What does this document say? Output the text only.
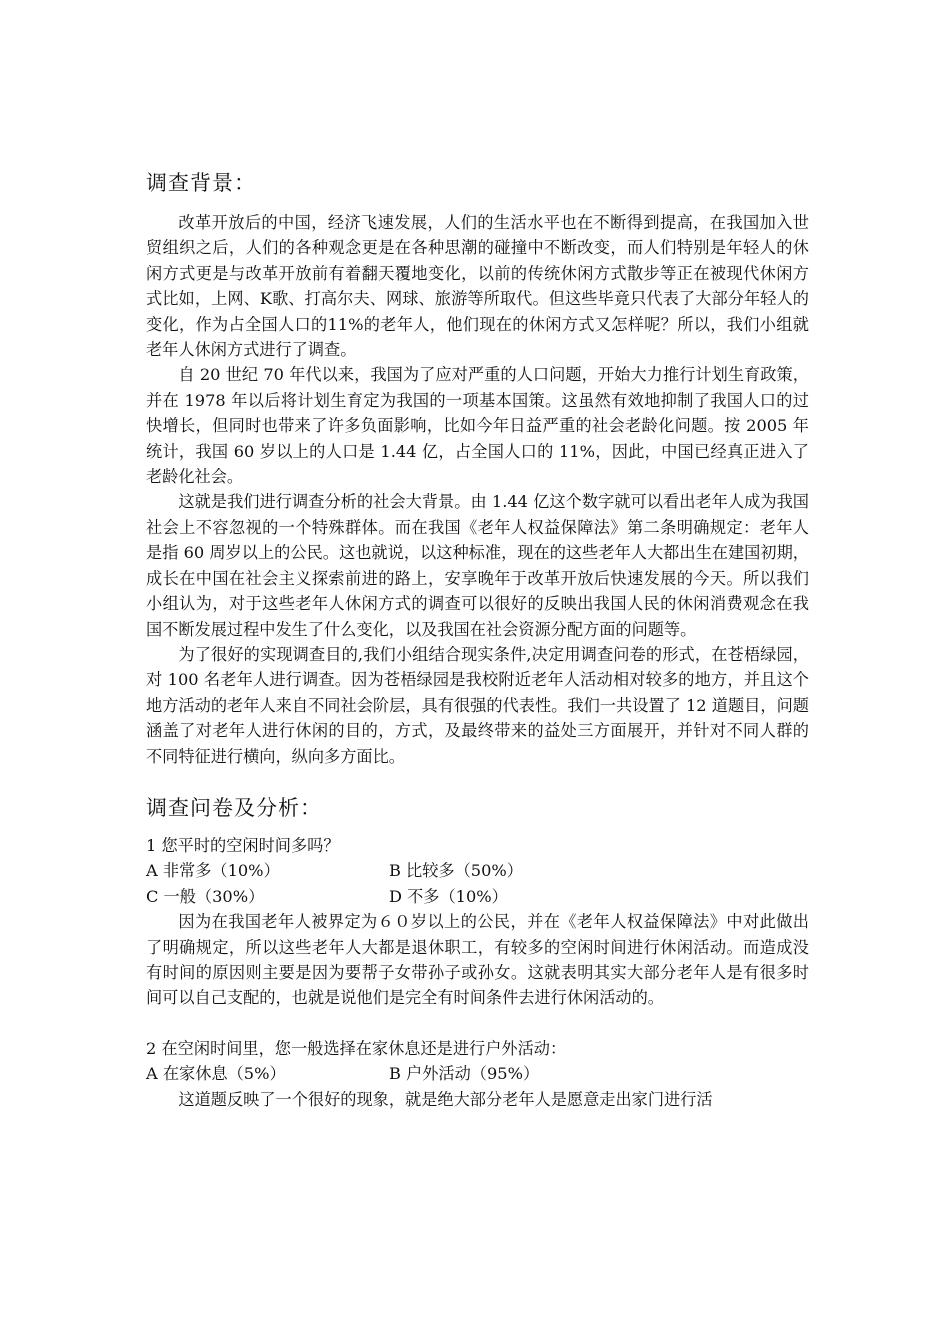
调查背景：

改革开放后的中国，经济飞速发展，人们的生活水平也在不断得到提高，在我国加入世贸组织之后，人们的各种观念更是在各种思潮的碰撞中不断改变，而人们特别是年轻人的休闲方式更是与改革开放前有着翻天覆地变化，以前的传统休闲方式散步等正在被现代休闲方式比如，上网、K歌、打高尔夫、网球、旅游等所取代。但这些毕竟只代表了大部分年轻人的变化，作为占全国人口的11%的老年人，他们现在的休闲方式又怎样呢？所以，我们小组就老年人休闲方式进行了调查。

自 20 世纪 70 年代以来，我国为了应对严重的人口问题，开始大力推行计划生育政策，并在 1978 年以后将计划生育定为我国的一项基本国策。这虽然有效地抑制了我国人口的过快增长，但同时也带来了许多负面影响，比如今年日益严重的社会老龄化问题。按 2005 年统计，我国 60 岁以上的人口是 1.44 亿，占全国人口的 11%，因此，中国已经真正进入了老龄化社会。

这就是我们进行调查分析的社会大背景。由 1.44 亿这个数字就可以看出老年人成为我国社会上不容忽视的一个特殊群体。而在我国《老年人权益保障法》第二条明确规定：老年人是指 60 周岁以上的公民。这也就说，以这种标准，现在的这些老年人大都出生在建国初期，成长在中国在社会主义探索前进的路上，安享晚年于改革开放后快速发展的今天。所以我们小组认为，对于这些老年人休闲方式的调查可以很好的反映出我国人民的休闲消费观念在我国不断发展过程中发生了什么变化，以及我国在社会资源分配方面的问题等。

为了很好的实现调查目的,我们小组结合现实条件,决定用调查问卷的形式，在苍梧绿园，对 100 名老年人进行调查。因为苍梧绿园是我校附近老年人活动相对较多的地方，并且这个地方活动的老年人来自不同社会阶层，具有很强的代表性。我们一共设置了 12 道题目，问题涵盖了对老年人进行休闲的目的，方式，及最终带来的益处三方面展开，并针对不同人群的不同特征进行横向，纵向多方面比。

调查问卷及分析：

1 您平时的空闲时间多吗？

A 非常多（10%）	B 比较多（50%）
C 一般（30%）	D 不多（10%）

因为在我国老年人被界定为６０岁以上的公民，并在《老年人权益保障法》中对此做出了明确规定，所以这些老年人大都是退休职工，有较多的空闲时间进行休闲活动。而造成没有时间的原因则主要是因为要帮子女带孙子或孙女。这就表明其实大部分老年人是有很多时间可以自己支配的，也就是说他们是完全有时间条件去进行休闲活动的。

2 在空闲时间里，您一般选择在家休息还是进行户外活动：

A 在家休息（5%）	B 户外活动（95%）

这道题反映了一个很好的现象，就是绝大部分老年人是愿意走出家门进行活
